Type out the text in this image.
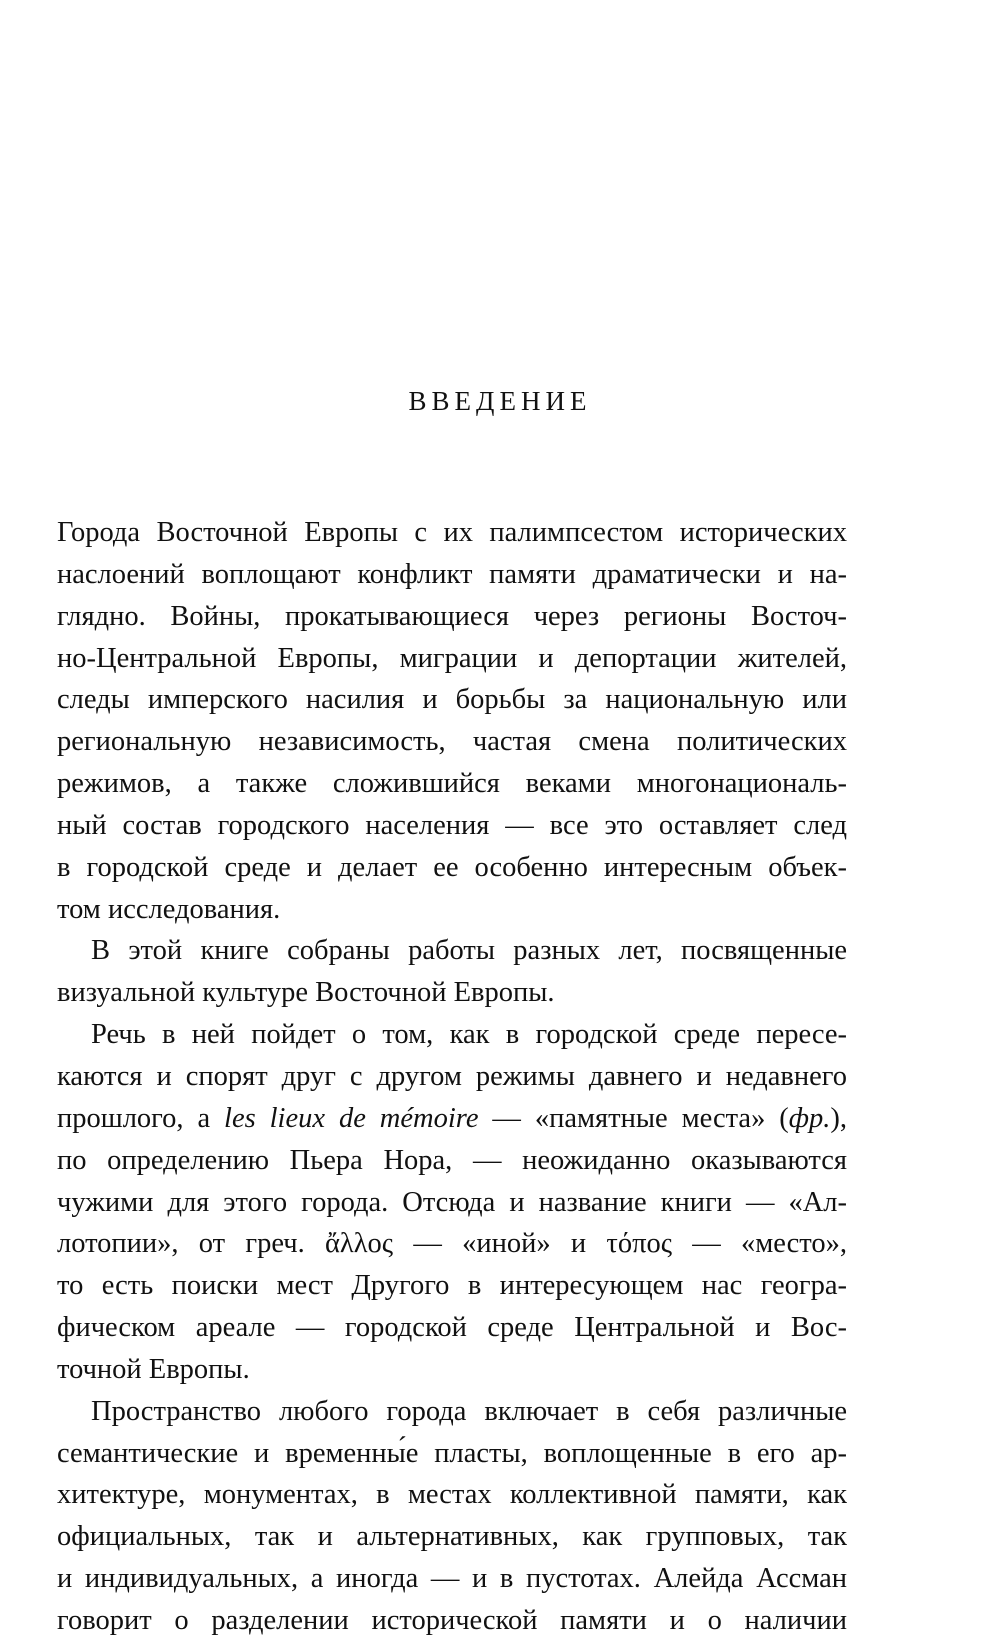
ВВЕДЕНИЕ
Города Восточной Европы с их палимпсестом исторических
наслоений воплощают конфликт памяти драматически и на-
глядно. Войны, прокатывающиеся через регионы Восточ-
но-Центральной Европы, миграции и депортации жителей,
следы имперского насилия и борьбы за национальную или
региональную независимость, частая смена политических
режимов, а также сложившийся веками многонациональ-
ный состав городского населения — все это оставляет след
в городской среде и делает ее особенно интересным объек-
том исследования.
В этой книге собраны работы разных лет, посвященные
визуальной культуре Восточной Европы.
Речь в ней пойдет о том, как в городской среде пересе-
каются и спорят друг с другом режимы давнего и недавнего
прошлого, а les lieux de mémoire — «памятные места» (фр.),
по определению Пьера Нора, — неожиданно оказываются
чужими для этого города. Отсюда и название книги — «Ал-
лотопии», от греч. ἄλλος — «иной» и τόπος — «место»,
то есть поиски мест Другого в интересующем нас геогра-
фическом ареале — городской среде Центральной и Вос-
точной Европы.
Пространство любого города включает в себя различные
семантические и временны́е пласты, воплощенные в его ар-
хитектуре, монументах, в местах коллективной памяти, как
официальных, так и альтернативных, как групповых, так
и индивидуальных, а иногда — и в пустотах. Алейда Ассман
говорит о разделении исторической памяти и о наличии
